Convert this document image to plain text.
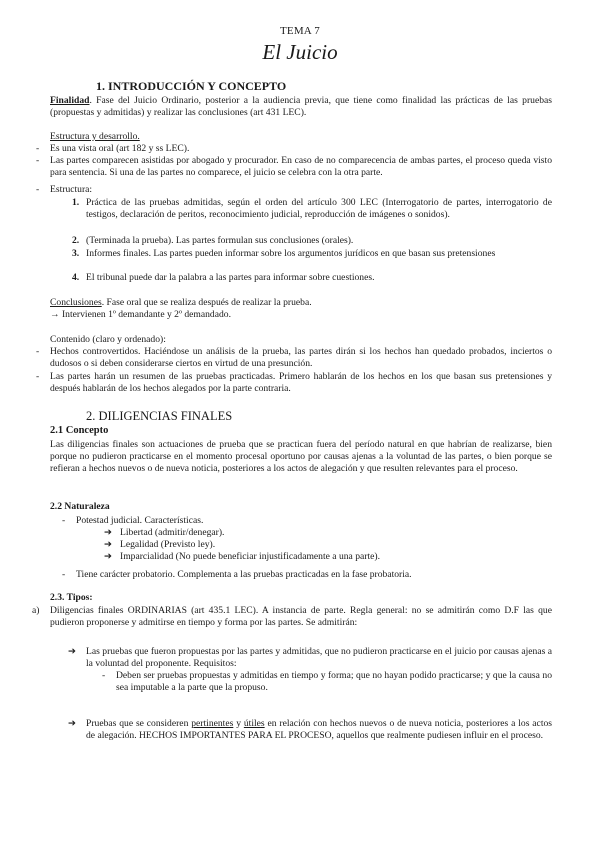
TEMA 7
El Juicio
1. INTRODUCCIÓN Y CONCEPTO
Finalidad. Fase del Juicio Ordinario, posterior a la audiencia previa, que tiene como finalidad las prácticas de las pruebas (propuestas y admitidas) y realizar las conclusiones (art 431 LEC).
Estructura y desarrollo.
- Es una vista oral (art 182 y ss LEC).
- Las partes comparecen asistidas por abogado y procurador. En caso de no comparecencia de ambas partes, el proceso queda visto para sentencia. Si una de las partes no comparece, el juicio se celebra con la otra parte.
- Estructura:
1. Práctica de las pruebas admitidas, según el orden del artículo 300 LEC (Interrogatorio de partes, interrogatorio de testigos, declaración de peritos, reconocimiento judicial, reproducción de imágenes o sonidos).
2. (Terminada la prueba). Las partes formulan sus conclusiones (orales).
3. Informes finales. Las partes pueden informar sobre los argumentos jurídicos en que basan sus pretensiones
4. El tribunal puede dar la palabra a las partes para informar sobre cuestiones.
Conclusiones. Fase oral que se realiza después de realizar la prueba.
→ Intervienen 1º demandante y 2º demandado.
Contenido (claro y ordenado):
- Hechos controvertidos. Haciéndose un análisis de la prueba, las partes dirán si los hechos han quedado probados, inciertos o dudosos o si deben considerarse ciertos en virtud de una presunción.
- Las partes harán un resumen de las pruebas practicadas. Primero hablarán de los hechos en los que basan sus pretensiones y después hablarán de los hechos alegados por la parte contraria.
2. DILIGENCIAS FINALES
2.1 Concepto
Las diligencias finales son actuaciones de prueba que se practican fuera del período natural en que habrían de realizarse, bien porque no pudieron practicarse en el momento procesal oportuno por causas ajenas a la voluntad de las partes, o bien porque se refieran a hechos nuevos o de nueva noticia, posteriores a los actos de alegación y que resulten relevantes para el proceso.
2.2 Naturaleza
- Potestad judicial. Características.
➔ Libertad (admitir/denegar).
➔ Legalidad (Previsto ley).
➔ Imparcialidad (No puede beneficiar injustificadamente a una parte).
- Tiene carácter probatorio. Complementa a las pruebas practicadas en la fase probatoria.
2.3. Tipos:
a) Diligencias finales ORDINARIAS (art 435.1 LEC). A instancia de parte. Regla general: no se admitirán como D.F las que pudieron proponerse y admitirse en tiempo y forma por las partes. Se admitirán:
➔ Las pruebas que fueron propuestas por las partes y admitidas, que no pudieron practicarse en el juicio por causas ajenas a la voluntad del proponente. Requisitos:
- Deben ser pruebas propuestas y admitidas en tiempo y forma; que no hayan podido practicarse; y que la causa no sea imputable a la parte que la propuso.
➔ Pruebas que se consideren pertinentes y útiles en relación con hechos nuevos o de nueva noticia, posteriores a los actos de alegación. HECHOS IMPORTANTES PARA EL PROCESO, aquellos que realmente pudiesen influir en el proceso.
